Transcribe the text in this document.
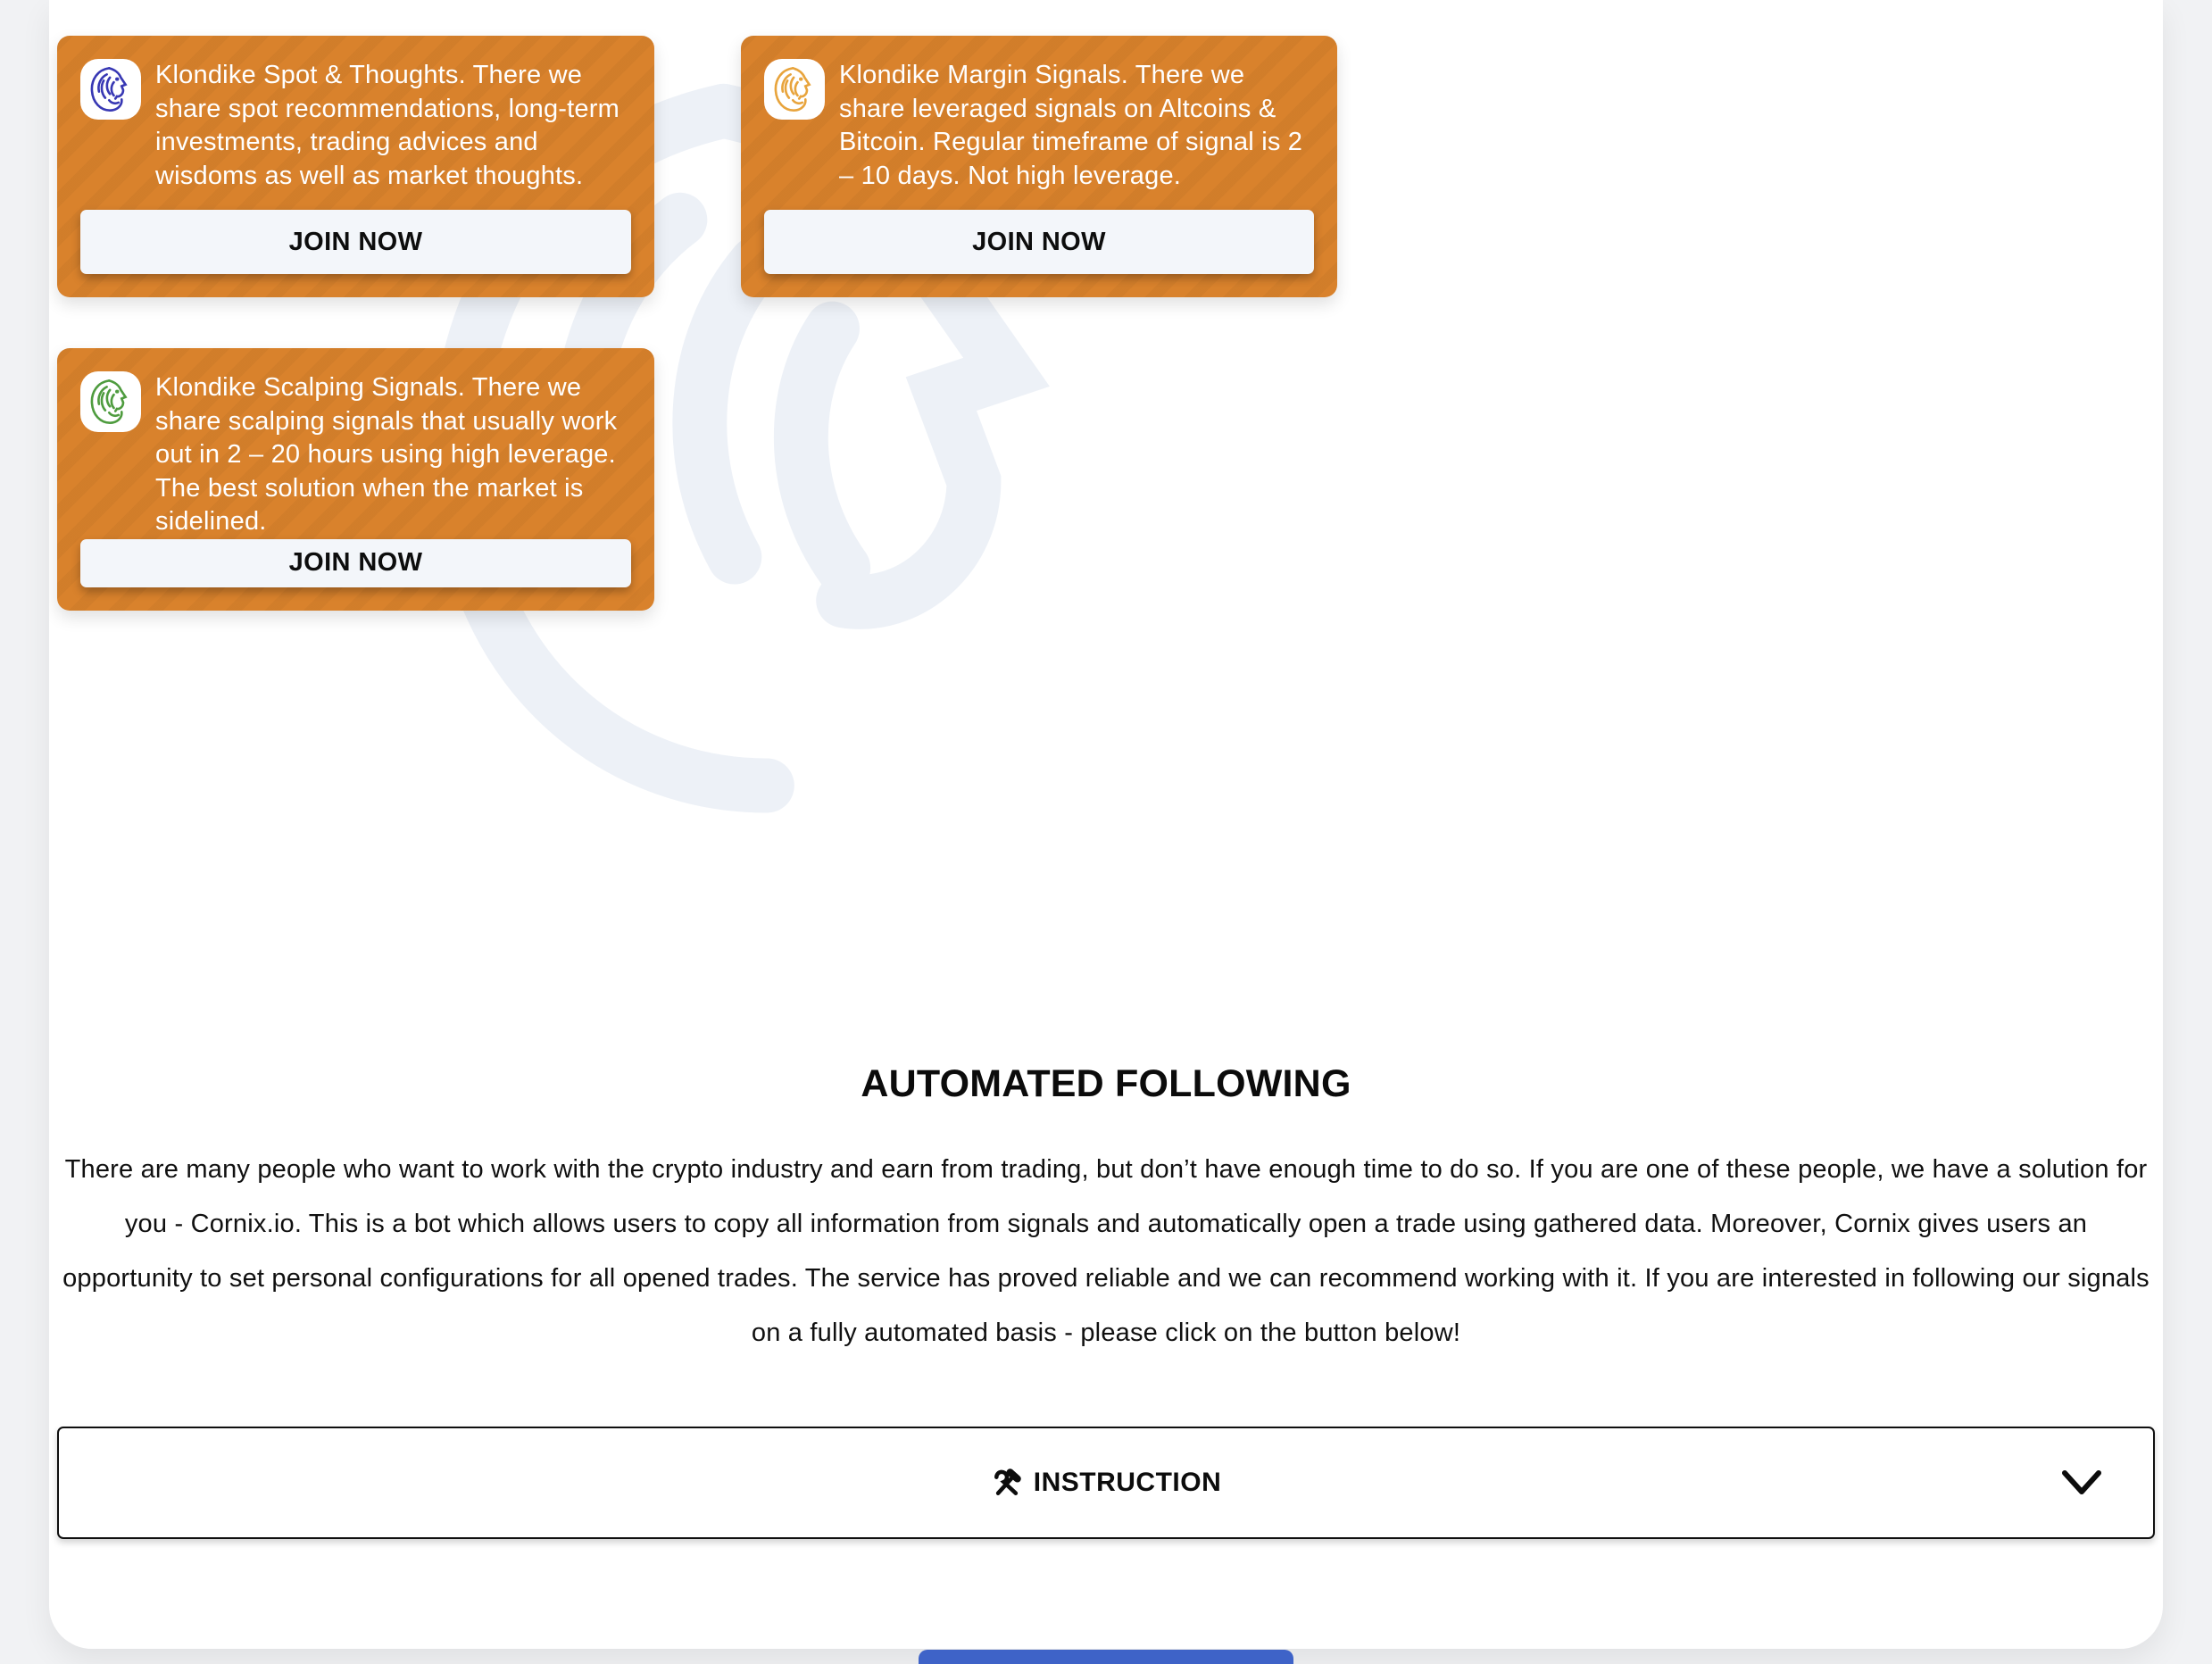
Klondike Spot & Thoughts. There we share spot recommendations, long-term investments, trading advices and wisdoms as well as market thoughts.

JOIN NOW

Klondike Margin Signals. There we share leveraged signals on Altcoins & Bitcoin. Regular timeframe of signal is 2 – 10 days. Not high leverage.

JOIN NOW

Klondike Scalping Signals. There we share scalping signals that usually work out in 2 – 20 hours using high leverage. The best solution when the market is sidelined.

JOIN NOW
AUTOMATED FOLLOWING

There are many people who want to work with the crypto industry and earn from trading, but don’t have enough time to do so. If you are one of these people, we have a solution for you - Cornix.io. This is a bot which allows users to copy all information from signals and automatically open a trade using gathered data. Moreover, Cornix gives users an opportunity to set personal configurations for all opened trades. The service has proved reliable and we can recommend working with it. If you are interested in following our signals on a fully automated basis - please click on the button below!

INSTRUCTION
